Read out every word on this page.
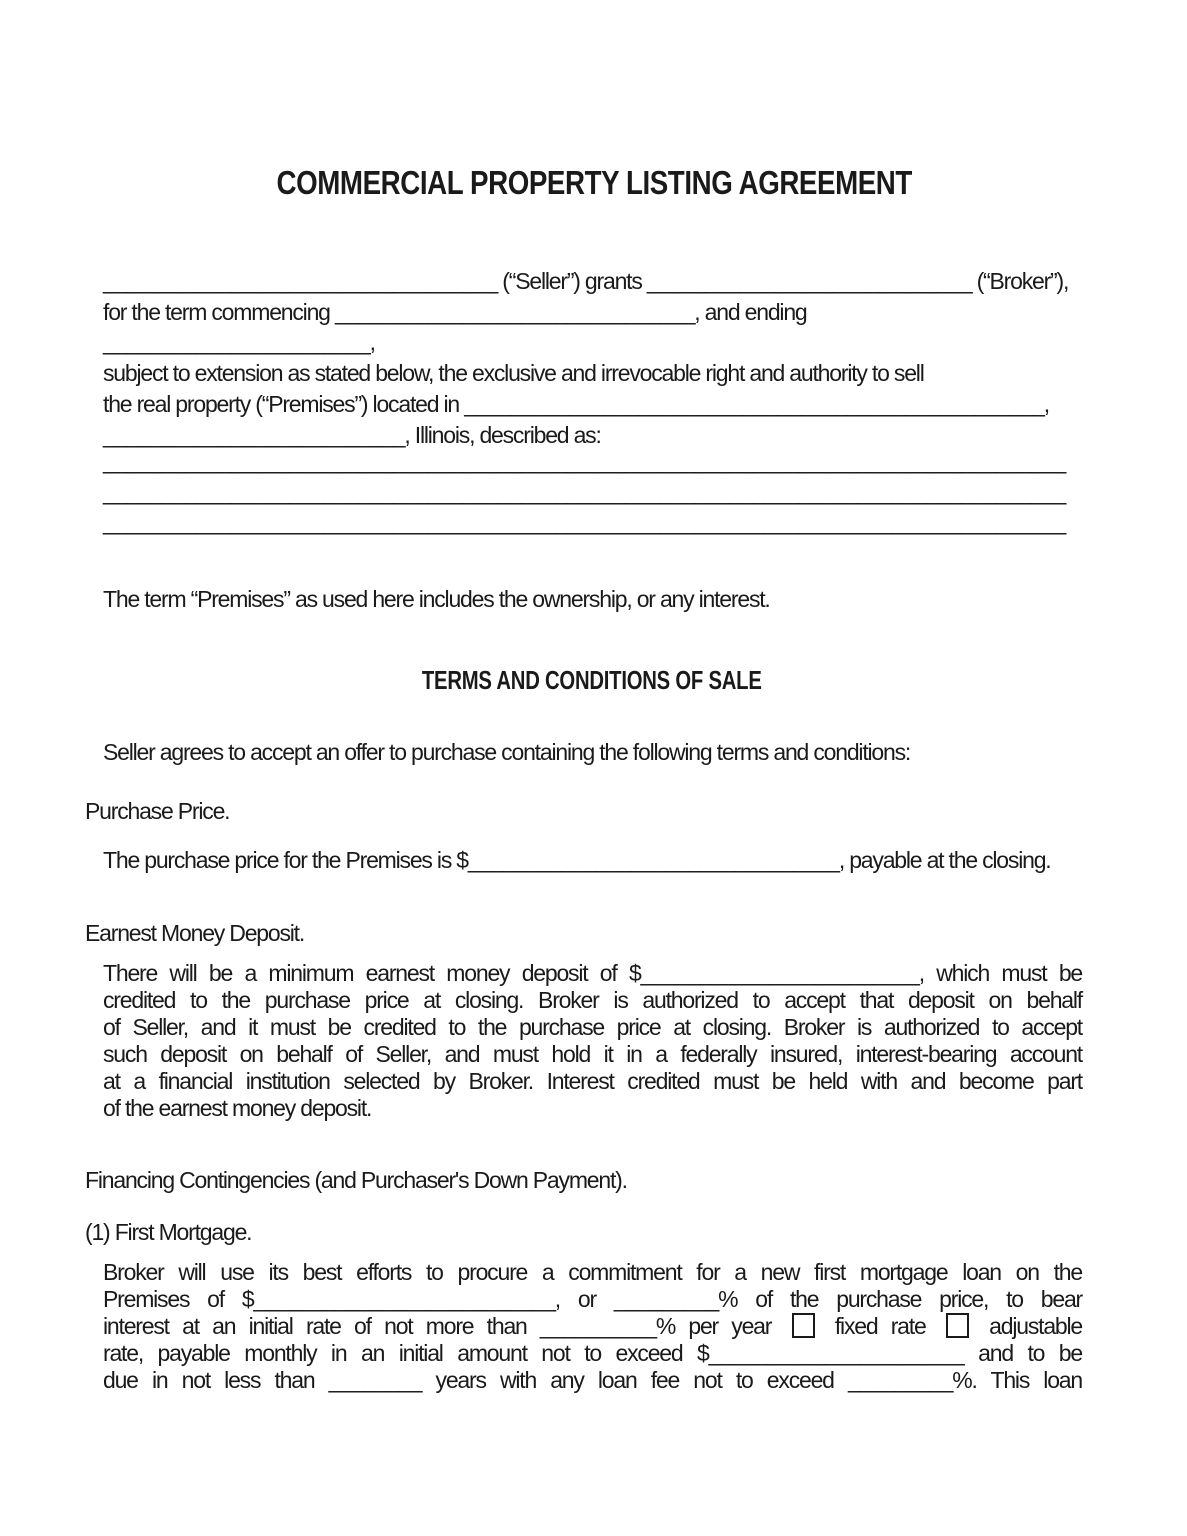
COMMERCIAL PROPERTY LISTING AGREEMENT
__________________________________ (“Seller”) grants ____________________________ (“Broker”),
for the term commencing _______________________________, and ending _______________________,
subject to extension as stated below, the exclusive and irrevocable right and authority to sell
the real property (“Premises”) located in __________________________________________________,
__________________________, Illinois, described as:
___________________________________________________________________________________
___________________________________________________________________________________
___________________________________________________________________________________
The term “Premises” as used here includes the ownership, or any interest.
TERMS AND CONDITIONS OF SALE
Seller agrees to accept an offer to purchase containing the following terms and conditions:
Purchase Price.
The purchase price for the Premises is $________________________________, payable at the closing.
Earnest Money Deposit.
There will be a minimum earnest money deposit of $________________________, which must be
credited to the purchase price at closing. Broker is authorized to accept that deposit on behalf
of Seller, and it must be credited to the purchase price at closing. Broker is authorized to accept
such deposit on behalf of Seller, and must hold it in a federally insured, interest-bearing account
at a financial institution selected by Broker. Interest credited must be held with and become part
of the earnest money deposit.
Financing Contingencies (and Purchaser's Down Payment).
(1) First Mortgage.
Broker will use its best efforts to procure a commitment for a new first mortgage loan on the
Premises of $__________________________, or _________% of the purchase price, to bear
interest at an initial rate of not more than __________% per year	fixed rate	adjustable
rate, payable monthly in an initial amount not to exceed $______________________ and to be
due in not less than ________ years with any loan fee not to exceed _________%. This loan
